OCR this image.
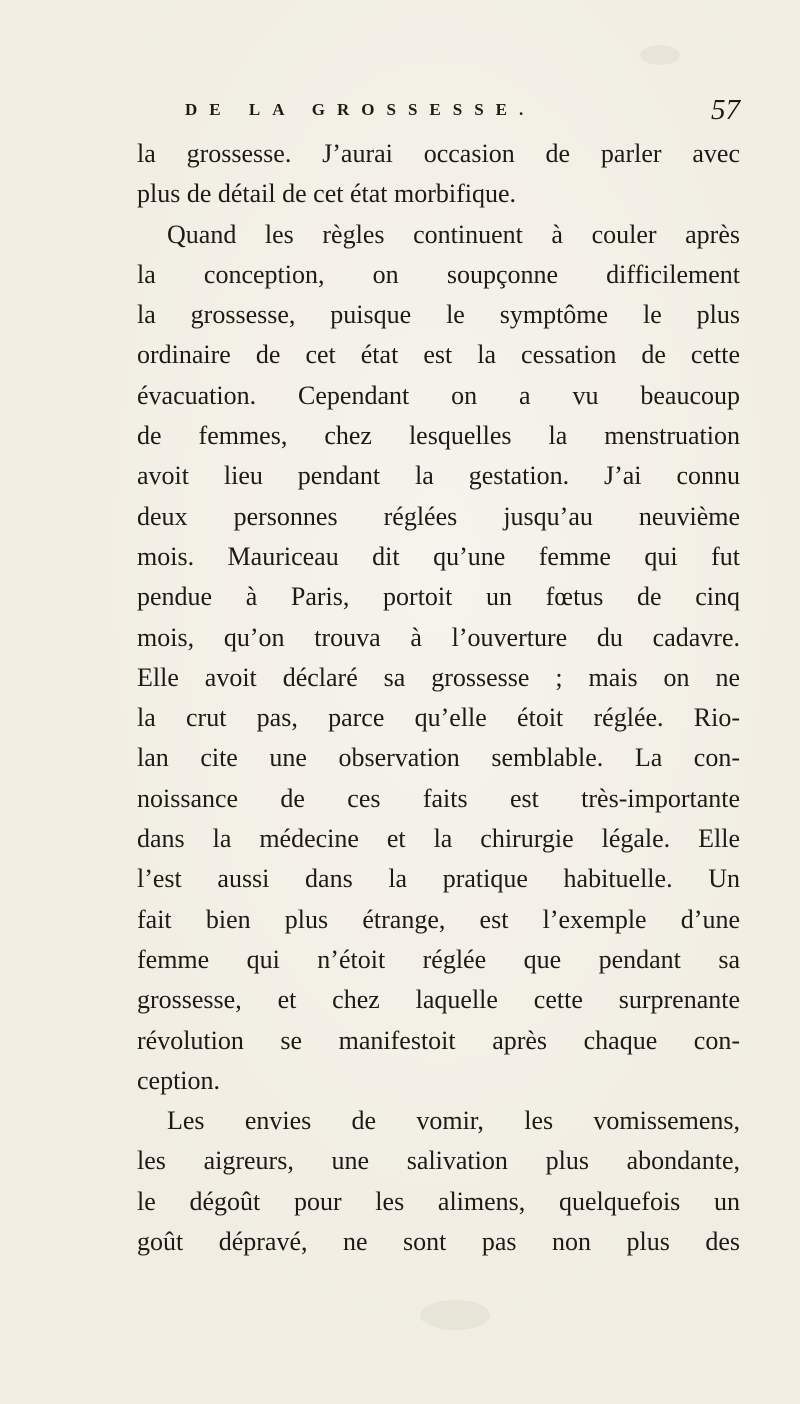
DE LA GROSSESSE.	57
la grossesse. J’aurai occasion de parler avec
plus de détail de cet état morbifique.
Quand les règles continuent à couler après
la conception, on soupçonne difficilement
la grossesse, puisque le symptôme le plus
ordinaire de cet état est la cessation de cette
évacuation. Cependant on a vu beaucoup
de femmes, chez lesquelles la menstruation
avoit lieu pendant la gestation. J’ai connu
deux personnes réglées jusqu’au neuvième
mois. Mauriceau dit qu’une femme qui fut
pendue à Paris, portoit un fœtus de cinq
mois, qu’on trouva à l’ouverture du cadavre.
Elle avoit déclaré sa grossesse ; mais on ne
la crut pas, parce qu’elle étoit réglée. Rio-
lan cite une observation semblable. La con-
noissance de ces faits est très-importante
dans la médecine et la chirurgie légale. Elle
l’est aussi dans la pratique habituelle. Un
fait bien plus étrange, est l’exemple d’une
femme qui n’étoit réglée que pendant sa
grossesse, et chez laquelle cette surprenante
révolution se manifestoit après chaque con-
ception.
Les envies de vomir, les vomissemens,
les aigreurs, une salivation plus abondante,
le dégoût pour les alimens, quelquefois un
goût dépravé, ne sont pas non plus des
